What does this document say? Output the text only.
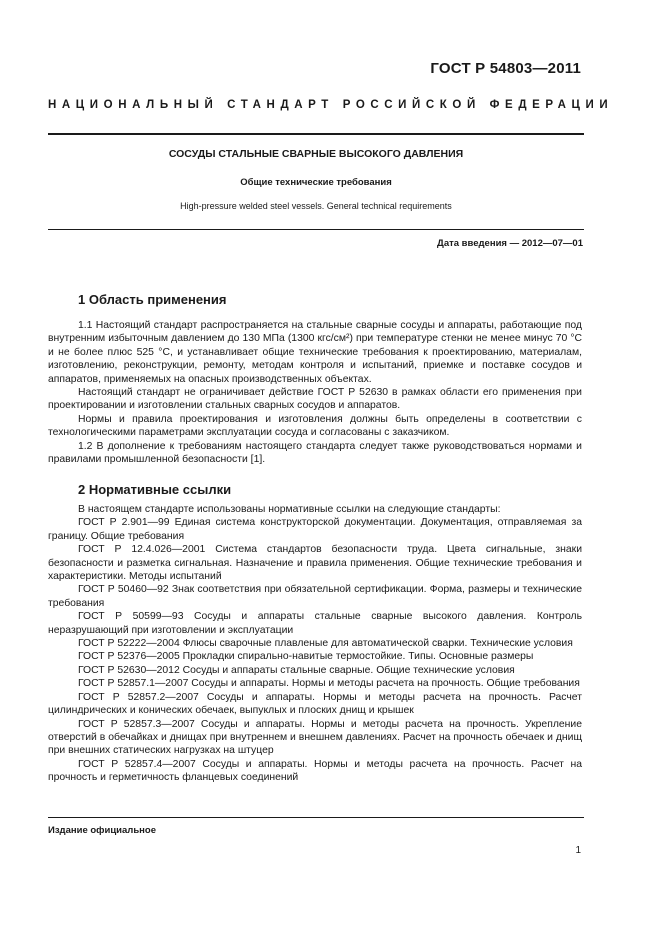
ГОСТ Р 54803—2011
НАЦИОНАЛЬНЫЙ СТАНДАРТ РОССИЙСКОЙ ФЕДЕРАЦИИ
СОСУДЫ СТАЛЬНЫЕ СВАРНЫЕ ВЫСОКОГО ДАВЛЕНИЯ
Общие технические требования
High-pressure welded steel vessels. General technical requirements
Дата введения — 2012—07—01
1 Область применения

1.1 Настоящий стандарт распространяется на стальные сварные сосуды и аппараты, работающие под внутренним избыточным давлением до 130 МПа (1300 кгс/см²) при температуре стенки не менее минус 70 °С и не более плюс 525 °С, и устанавливает общие технические требования к проектированию, материалам, изготовлению, реконструкции, ремонту, методам контроля и испытаний, приемке и поставке сосудов и аппаратов, применяемых на опасных производственных объектах.

Настоящий стандарт не ограничивает действие ГОСТ Р 52630 в рамках области его применения при проектировании и изготовлении стальных сварных сосудов и аппаратов.

Нормы и правила проектирования и изготовления должны быть определены в соответствии с технологическими параметрами эксплуатации сосуда и согласованы с заказчиком.

1.2 В дополнение к требованиям настоящего стандарта следует также руководствоваться нормами и правилами промышленной безопасности [1].

2 Нормативные ссылки

В настоящем стандарте использованы нормативные ссылки на следующие стандарты:

ГОСТ Р 2.901—99 Единая система конструкторской документации. Документация, отправляемая за границу. Общие требования

ГОСТ Р 12.4.026—2001 Система стандартов безопасности труда. Цвета сигнальные, знаки безопасности и разметка сигнальная. Назначение и правила применения. Общие технические требования и характеристики. Методы испытаний

ГОСТ Р 50460—92 Знак соответствия при обязательной сертификации. Форма, размеры и технические требования

ГОСТ Р 50599—93 Сосуды и аппараты стальные сварные высокого давления. Контроль неразрушающий при изготовлении и эксплуатации

ГОСТ Р 52222—2004 Флюсы сварочные плавленые для автоматической сварки. Технические условия

ГОСТ Р 52376—2005 Прокладки спирально-навитые термостойкие. Типы. Основные размеры

ГОСТ Р 52630—2012 Сосуды и аппараты стальные сварные. Общие технические условия

ГОСТ Р 52857.1—2007 Сосуды и аппараты. Нормы и методы расчета на прочность. Общие требования

ГОСТ Р 52857.2—2007 Сосуды и аппараты. Нормы и методы расчета на прочность. Расчет цилиндрических и конических обечаек, выпуклых и плоских днищ и крышек

ГОСТ Р 52857.3—2007 Сосуды и аппараты. Нормы и методы расчета на прочность. Укрепление отверстий в обечайках и днищах при внутреннем и внешнем давлениях. Расчет на прочность обечаек и днищ при внешних статических нагрузках на штуцер

ГОСТ Р 52857.4—2007 Сосуды и аппараты. Нормы и методы расчета на прочность. Расчет на прочность и герметичность фланцевых соединений

Издание официальное
1
